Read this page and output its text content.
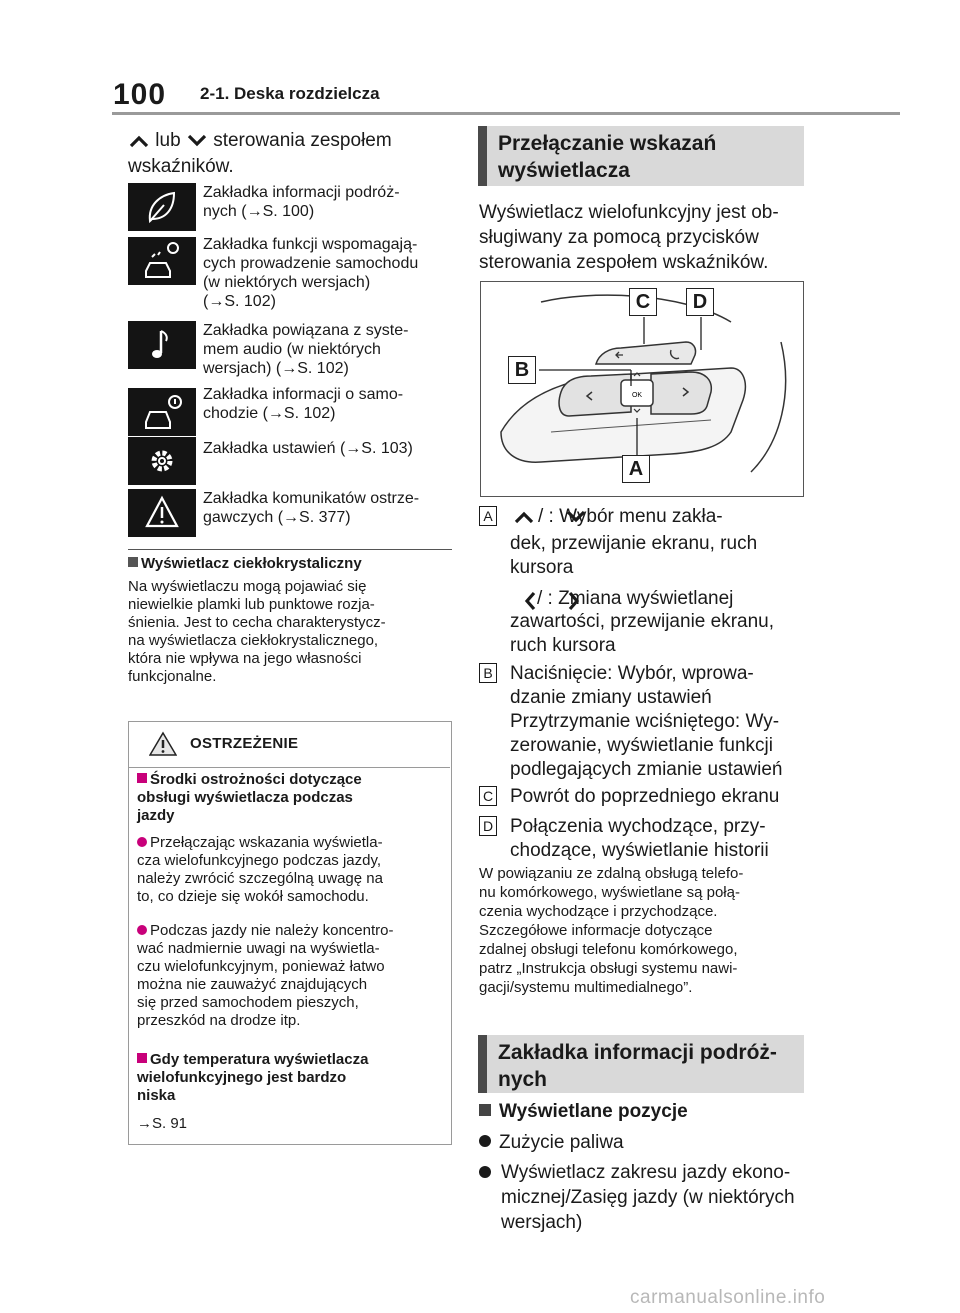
100 2-1. Deska rozdzielcza
lub sterowania zespołem wskaźników.
Zakładka informacji podróż-
nych (→S. 100)
Zakładka funkcji wspomagają-
cych prowadzenie samochodu
(w niektórych wersjach)
(→S. 102)
Zakładka powiązana z syste-
mem audio (w niektórych
wersjach) (→S. 102)
Zakładka informacji o samo-
chodzie (→S. 102)
Zakładka ustawień (→S. 103)
Zakładka komunikatów ostrze-
gawczych (→S. 377)
Wyświetlacz ciekłokrystaliczny
Na wyświetlaczu mogą pojawiać się
niewielkie plamki lub punktowe rozja-
śnienia. Jest to cecha charakterystycz-
na wyświetlacza ciekłokrystalicznego,
która nie wpływa na jego własności
funkcjonalne.
OSTRZEŻENIE
Środki ostrożności dotyczące
obsługi wyświetlacza podczas
jazdy
Przełączając wskazania wyświetla-
cza wielofunkcyjnego podczas jazdy,
należy zwrócić szczególną uwagę na
to, co dzieje się wokół samochodu.
Podczas jazdy nie należy koncentro-
wać nadmiernie uwagi na wyświetla-
czu wielofunkcyjnym, ponieważ łatwo
można nie zauważyć znajdujących
się przed samochodem pieszych,
przeszkód na drodze itp.
Gdy temperatura wyświetlacza
wielofunkcyjnego jest bardzo
niska
→S. 91
Przełączanie wskazań
wyświetlacza
Wyświetlacz wielofunkcyjny jest ob-
sługiwany za pomocą przycisków
sterowania zespołem wskaźników.
OK
C	D
B
A
A / : Wybór menu zakła-

dek, przewijanie ekranu, ruch
kursora

/ : Zmiana wyświetlanej

zawartości, przewijanie ekranu,
ruch kursora

B Naciśnięcie: Wybór, wprowa-
dzanie zmiany ustawień
Przytrzymanie wciśniętego: Wy-
zerowanie, wyświetlanie funkcji
podlegających zmianie ustawień

C Powrót do poprzedniego ekranu

D Połączenia wychodzące, przy-
chodzące, wyświetlanie historii

W powiązaniu ze zdalną obsługą telefo-
nu komórkowego, wyświetlane są połą-
czenia wychodzące i przychodzące.
Szczegółowe informacje dotyczące
zdalnej obsługi telefonu komórkowego,
patrz „Instrukcja obsługi systemu nawi-
gacji/systemu multimedialnego”.
Zakładka informacji podróż-
nych
Wyświetlane pozycje
Zużycie paliwa
Wyświetlacz zakresu jazdy ekono-
micznej/Zasięg jazdy (w niektórych
wersjach)
carmanualsonline.info
